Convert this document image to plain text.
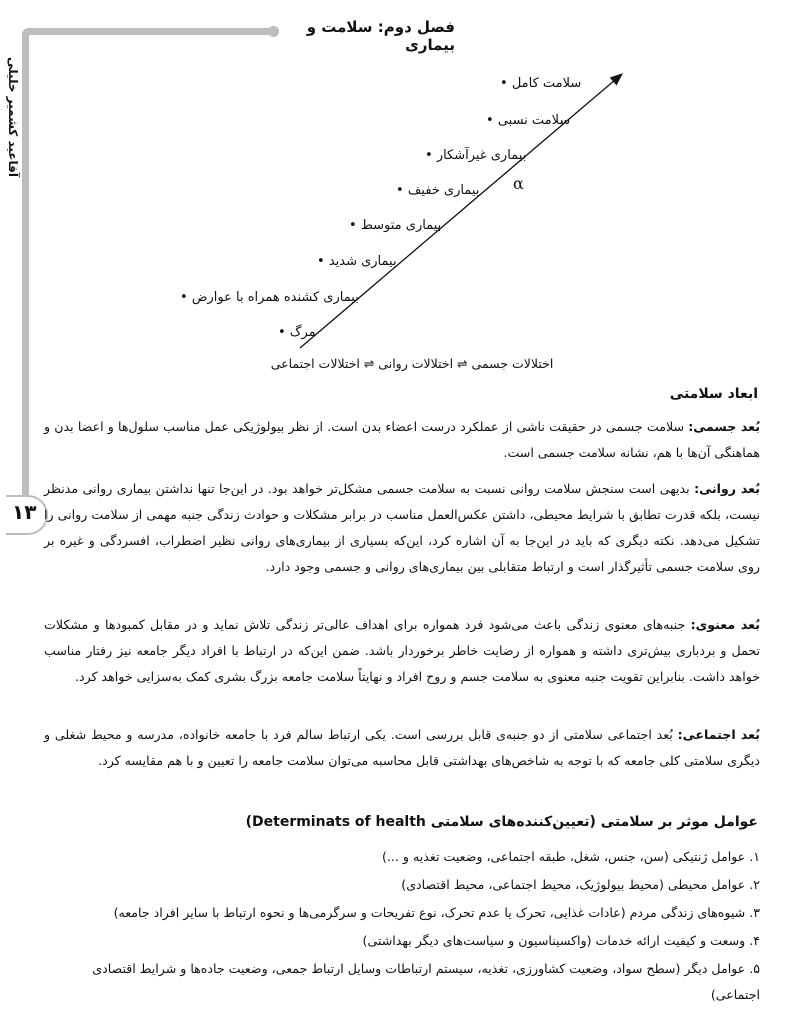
فصل دوم: سلامت و بیماری
آقاعید کشمیر خلیلی
۱۳
سلامت کامل •
سلامت نسبی •
بیماری غیرآشکار •
بیماری خفیف •
بیماری متوسط •
بیماری شدید •
بیماری کشنده همراه با عوارض •
مرگ •
α
اختلالات جسمی ⇌ اختلالات روانی ⇌ اختلالات اجتماعی
ابعاد سلامتی
بُعد جسمی: سلامت جسمی در حقیقت ناشی از عملکرد درست اعضاء بدن است. از نظر بیولوژیکی عمل مناسب سلول‌ها و اعضا بدن و هماهنگی آن‌ها با هم، نشانه سلامت جسمی است.
بُعد روانی: بدیهی است سنجش سلامت روانی نسبت به سلامت جسمی مشکل‌تر خواهد بود. در این‌جا تنها نداشتن بیماری روانی مدنظر نیست، بلکه قدرت تطابق با شرایط محیطی، داشتن عکس‌العمل مناسب در برابر مشکلات و حوادث زندگی جنبه مهمی از سلامت روانی را تشکیل می‌دهد. نکته دیگری که باید در این‌جا به آن اشاره کرد، این‌که بسیاری از بیماری‌های روانی نظیر اضطراب، افسردگی و غیره بر روی سلامت جسمی تأثیرگذار است و ارتباط متقابلی بین بیماری‌های روانی و جسمی وجود دارد.
بُعد معنوی: جنبه‌های معنوی زندگی باعث می‌شود فرد همواره برای اهداف عالی‌تر زندگی تلاش نماید و در مقابل کمبودها و مشکلات تحمل و بردباری بیش‌تری داشته و همواره از رضایت خاطر برخوردار باشد. ضمن این‌که در ارتباط با افراد دیگر جامعه نیز رفتار مناسب خواهد داشت. بنابراین تقویت جنبه معنوی به سلامت جسم و روح افراد و نهایتاً سلامت جامعه بزرگ بشری کمک به‌سزایی خواهد کرد.
بُعد اجتماعی: بُعد اجتماعی سلامتی از دو جنبه‌ی قابل بررسی است. یکی ارتباط سالم فرد با جامعه خانواده، مدرسه و محیط شغلی و دیگری سلامتی کلی جامعه که با توجه به شاخص‌های بهداشتی قابل محاسبه می‌توان سلامت جامعه را تعیین و با هم مقایسه کرد.
عوامل موثر بر سلامتی (تعیین‌کننده‌های سلامتی Determinats of health)
۱. عوامل ژنتیکی (سن، جنس، شغل، طبقه اجتماعی، وضعیت تغذیه و ...)
۲. عوامل محیطی (محیط بیولوژیک، محیط اجتماعی، محیط اقتصادی)
۳. شیوه‌های زندگی مردم (عادات غذایی، تحرک یا عدم تحرک، نوع تفریحات و سرگرمی‌ها و نحوه ارتباط با سایر افراد جامعه)
۴. وسعت و کیفیت ارائه خدمات (واکسیناسیون و سیاست‌های دیگر بهداشتی)
۵. عوامل دیگر (سطح سواد، وضعیت کشاورزی، تغذیه، سیستم ارتباطات وسایل ارتباط جمعی، وضعیت جاده‌ها و شرایط اقتصادی اجتماعی)
